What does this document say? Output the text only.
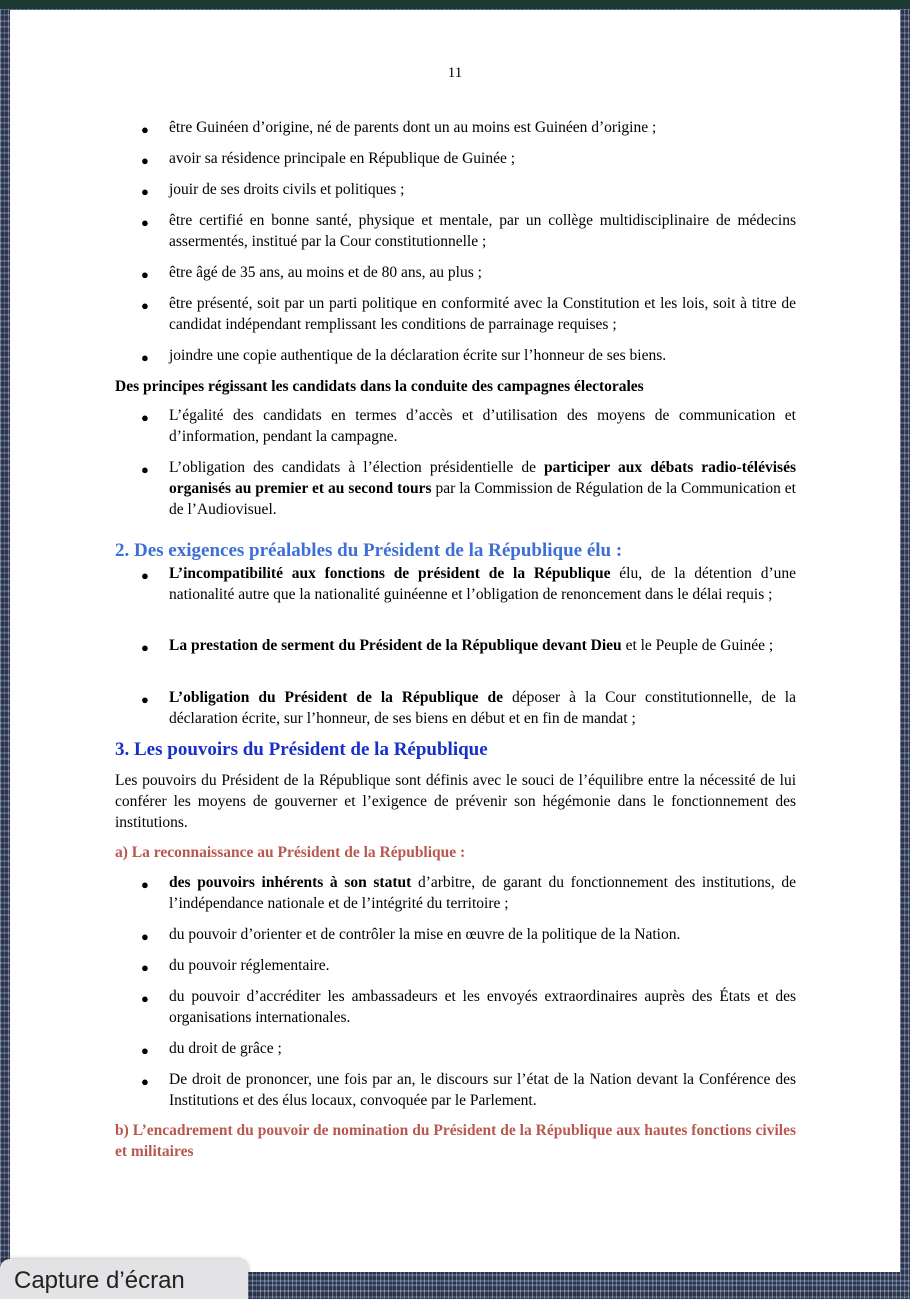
11
●
être Guinéen d’origine, né de parents dont un au moins est Guinéen d’origine ;
●
avoir sa résidence principale en République de Guinée ;
●
jouir de ses droits civils et politiques ;
●
être certifié en bonne santé, physique et mentale, par un collège multidisciplinaire de médecins assermentés, institué par la Cour constitutionnelle ;
●
être âgé de 35 ans, au moins et de 80 ans, au plus ;
●
être présenté, soit par un parti politique en conformité avec la Constitution et les lois, soit à titre de candidat indépendant remplissant les conditions de parrainage requises ;
●
joindre une copie authentique de la déclaration écrite sur l’honneur de ses biens.
Des principes régissant les candidats dans la conduite des campagnes électorales
●
L’égalité des candidats en termes d’accès et d’utilisation des moyens de communication et d’information, pendant la campagne.
●
L’obligation des candidats à l’élection présidentielle de participer aux débats radio-télévisés organisés au premier et au second tours par la Commission de Régulation de la Communication et de l’Audiovisuel.
2. Des exigences préalables du Président de la République élu :
●
L’incompatibilité aux fonctions de président de la République élu, de la détention d’une nationalité autre que la nationalité guinéenne et l’obligation de renoncement dans le délai requis ;
●
La prestation de serment du Président de la République devant Dieu et le Peuple de Guinée ;
●
L’obligation du Président de la République de déposer à la Cour constitutionnelle, de la déclaration écrite, sur l’honneur, de ses biens en début et en fin de mandat ;
3. Les pouvoirs du Président de la République
Les pouvoirs du Président de la République sont définis avec le souci de l’équilibre entre la nécessité de lui conférer les moyens de gouverner et l’exigence de prévenir son hégémonie dans le fonctionnement des institutions.
a) La reconnaissance au Président de la République :
●
des pouvoirs inhérents à son statut d’arbitre, de garant du fonctionnement des institutions, de l’indépendance nationale et de l’intégrité du territoire ;
●
du pouvoir d’orienter et de contrôler la mise en œuvre de la politique de la Nation.
●
du pouvoir réglementaire.
●
du pouvoir d’accréditer les ambassadeurs et les envoyés extraordinaires auprès des États et des organisations internationales.
●
du droit de grâce ;
●
De droit de prononcer, une fois par an, le discours sur l’état de la Nation devant la Conférence des Institutions et des élus locaux, convoquée par le Parlement.
b) L’encadrement du pouvoir de nomination du Président de la République aux hautes fonctions civiles et militaires
Capture d’écran
